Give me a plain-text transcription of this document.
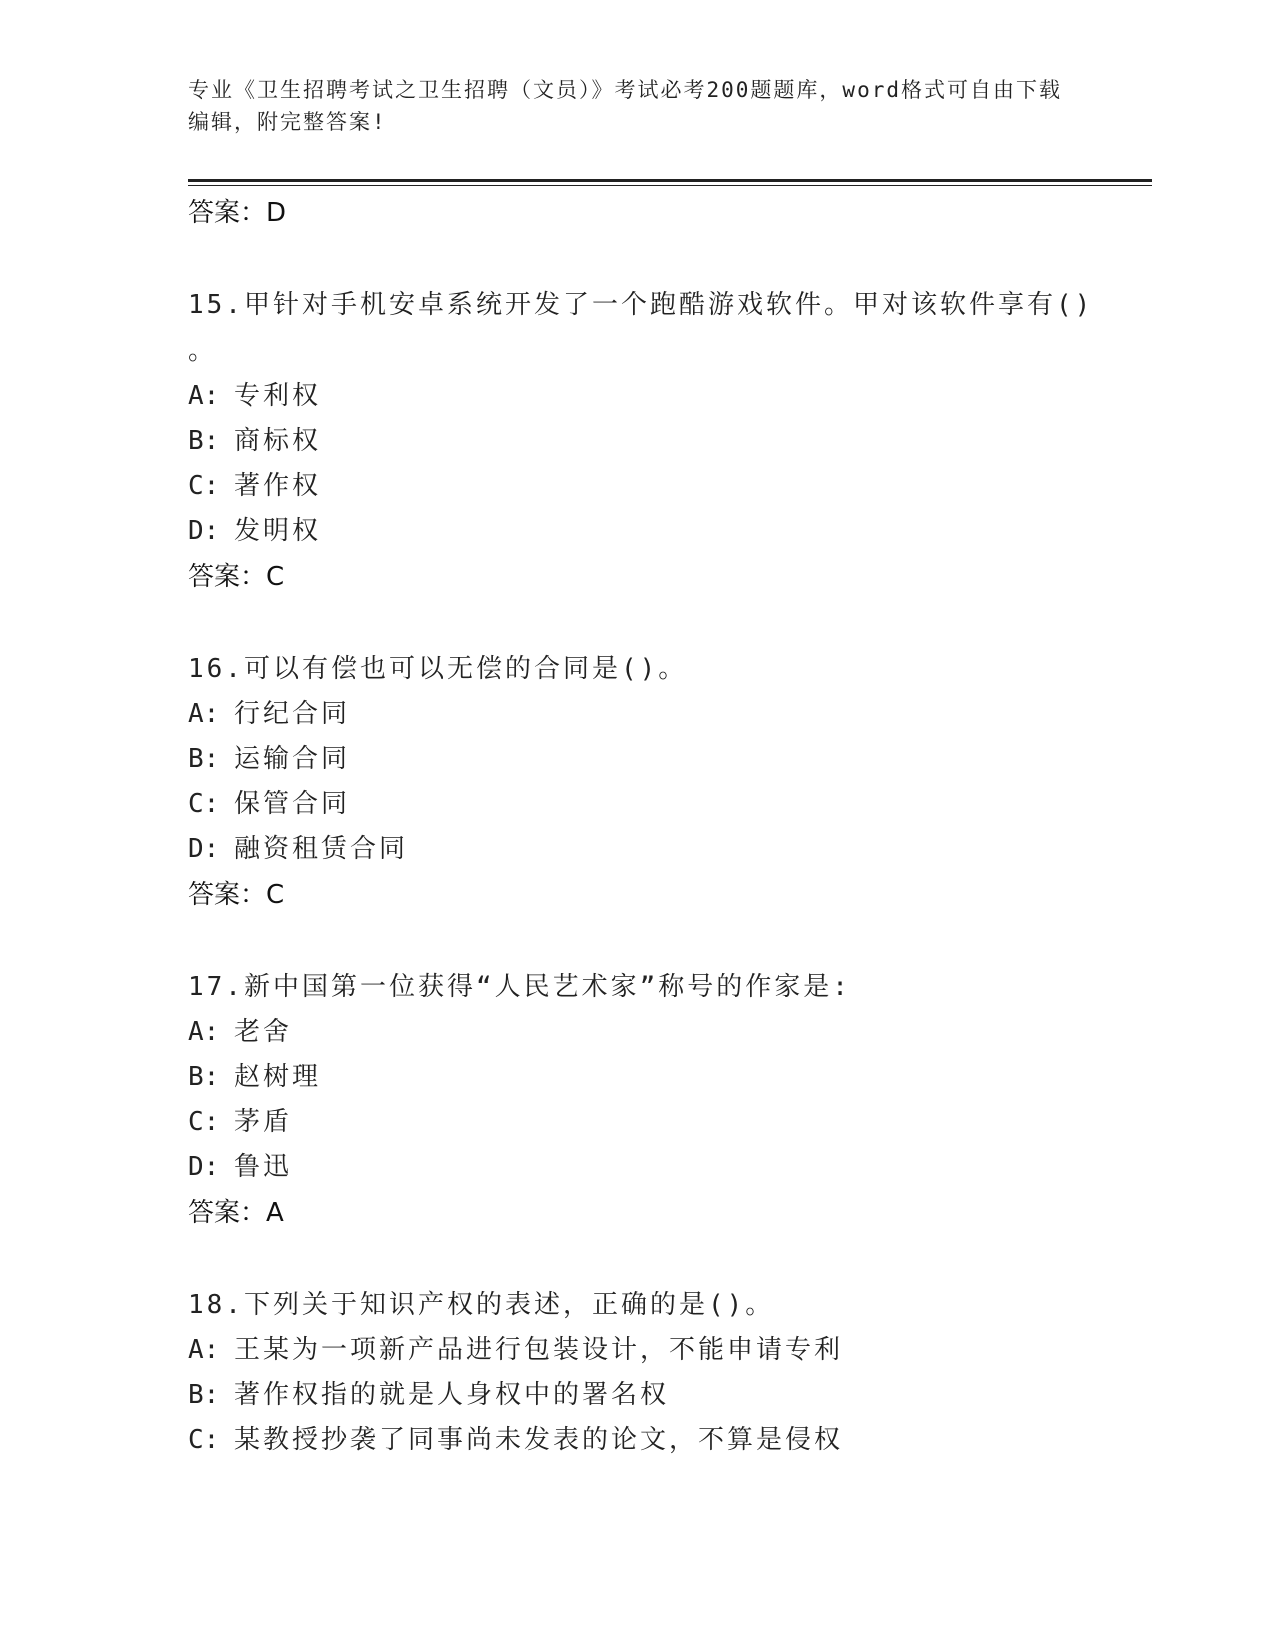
专业《卫生招聘考试之卫生招聘（文员）》考试必考200题题库，word格式可自由下载编辑，附完整答案!
答案：D
15.甲针对手机安卓系统开发了一个跑酷游戏软件。甲对该软件享有()
。
A: 专利权
B: 商标权
C: 著作权
D: 发明权
答案：C
16.可以有偿也可以无偿的合同是()。
A: 行纪合同
B: 运输合同
C: 保管合同
D: 融资租赁合同
答案：C
17.新中国第一位获得“人民艺术家”称号的作家是:
A: 老舍
B: 赵树理
C: 茅盾
D: 鲁迅
答案：A
18.下列关于知识产权的表述，正确的是()。
A: 王某为一项新产品进行包装设计，不能申请专利
B: 著作权指的就是人身权中的署名权
C: 某教授抄袭了同事尚未发表的论文，不算是侵权
